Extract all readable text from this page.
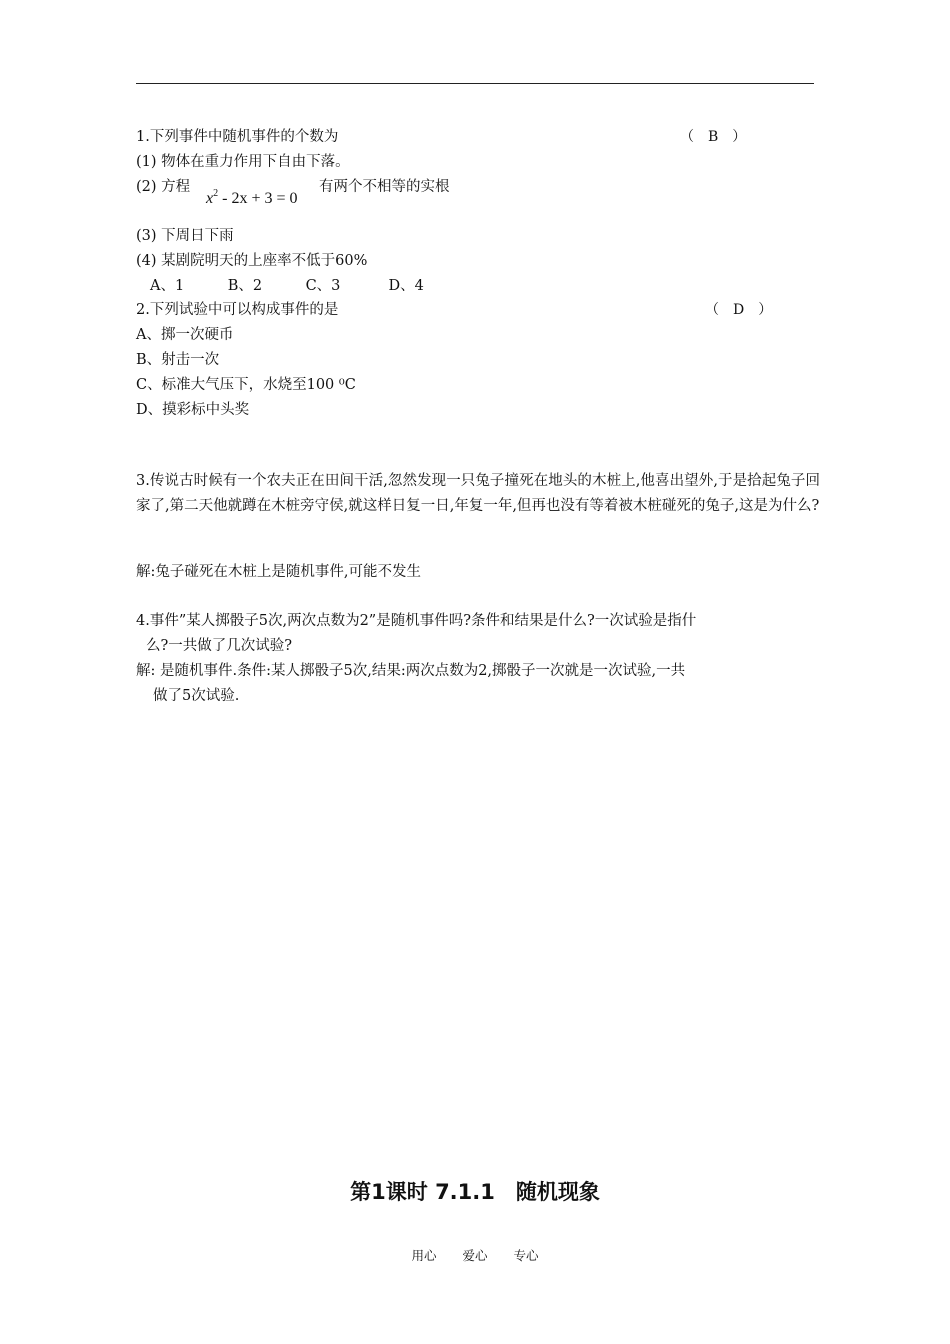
1.下列事件中随机事件的个数为	（　B　）
(1) 物体在重力作用下自由下落。
(2) 方程
$x^2 - 2x + 3 = 0$
有两个不相等的实根
(3) 下周日下雨
(4) 某剧院明天的上座率不低于60%
A、1　　　B、2　　　C、3　　　 D、4
2.下列试验中可以构成事件的是	（　D　）
A、掷一次硬币
B、射击一次
C、标准大气压下，水烧至100 ⁰C
D、摸彩标中头奖
3.传说古时候有一个农夫正在田间干活,忽然发现一只兔子撞死在地头的木桩上,他喜出望外,于是拾起兔子回家了,第二天他就蹲在木桩旁守侯,就这样日复一日,年复一年,但再也没有等着被木桩碰死的兔子,这是为什么?
解:兔子碰死在木桩上是随机事件,可能不发生
4.事件”某人掷骰子5次,两次点数为2”是随机事件吗?条件和结果是什么?一次试验是指什
么?一共做了几次试验?
解: 是随机事件.条件:某人掷骰子5次,结果:两次点数为2,掷骰子一次就是一次试验,一共
做了5次试验.
第1课时 7.1.1　随机现象
用心 爱心 专心
